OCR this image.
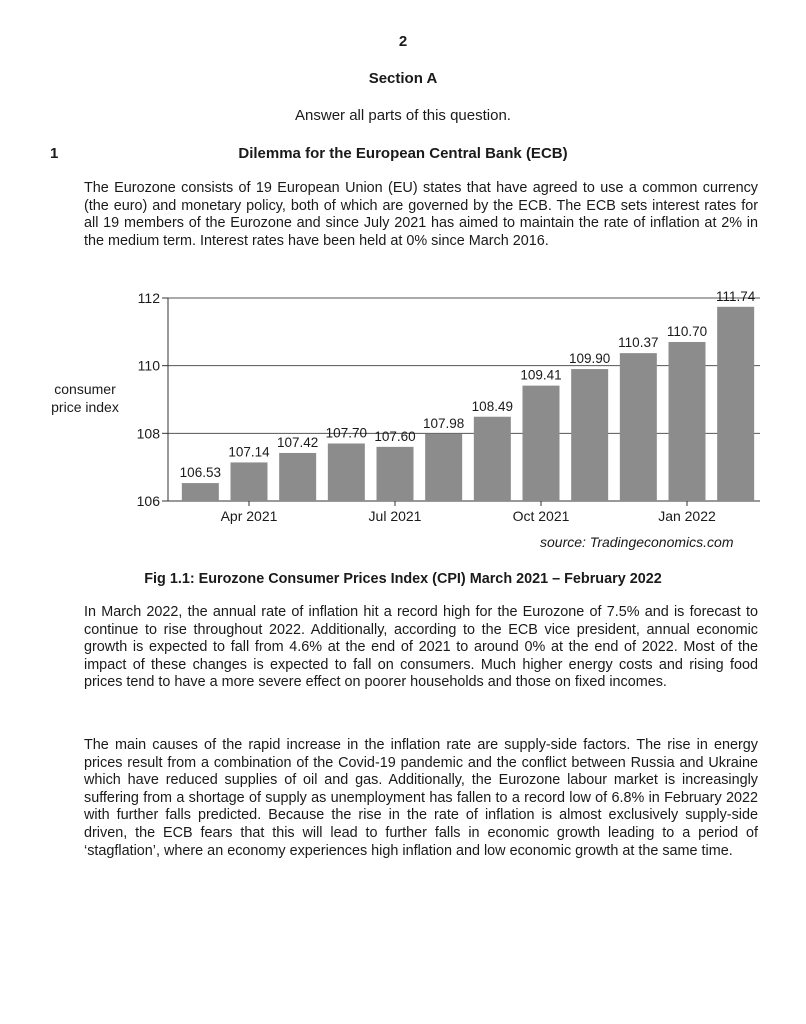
2
Section A
Answer all parts of this question.
1	Dilemma for the European Central Bank (ECB)

The Eurozone consists of 19 European Union (EU) states that have agreed to use a common currency (the euro) and monetary policy, both of which are governed by the ECB. The ECB sets interest rates for all 19 members of the Eurozone and since July 2021 has aimed to maintain the rate of inflation at 2% in the medium term. Interest rates have been held at 0% since March 2016.

consumer price index
106
108
110
112
106.53
107.14
107.42
107.70 107.60
107.98
108.49
109.41
109.90
110.37
110.70
111.74
Apr 2021	Jul 2021	Oct 2021	Jan 2022
source: Tradingeconomics.com
Fig 1.1: Eurozone Consumer Prices Index (CPI) March 2021 – February 2022

In March 2022, the annual rate of inflation hit a record high for the Eurozone of 7.5% and is forecast to continue to rise throughout 2022. Additionally, according to the ECB vice president, annual economic growth is expected to fall from 4.6% at the end of 2021 to around 0% at the end of 2022. Most of the impact of these changes is expected to fall on consumers. Much higher energy costs and rising food prices tend to have a more severe effect on poorer households and those on fixed incomes.

The main causes of the rapid increase in the inflation rate are supply-side factors. The rise in energy prices result from a combination of the Covid-19 pandemic and the conflict between Russia and Ukraine which have reduced supplies of oil and gas. Additionally, the Eurozone labour market is increasingly suffering from a shortage of supply as unemployment has fallen to a record low of 6.8% in February 2022 with further falls predicted. Because the rise in the rate of inflation is almost exclusively supply-side driven, the ECB fears that this will lead to further falls in economic growth leading to a period of ‘stagflation’, where an economy experiences high inflation and low economic growth at the same time.
